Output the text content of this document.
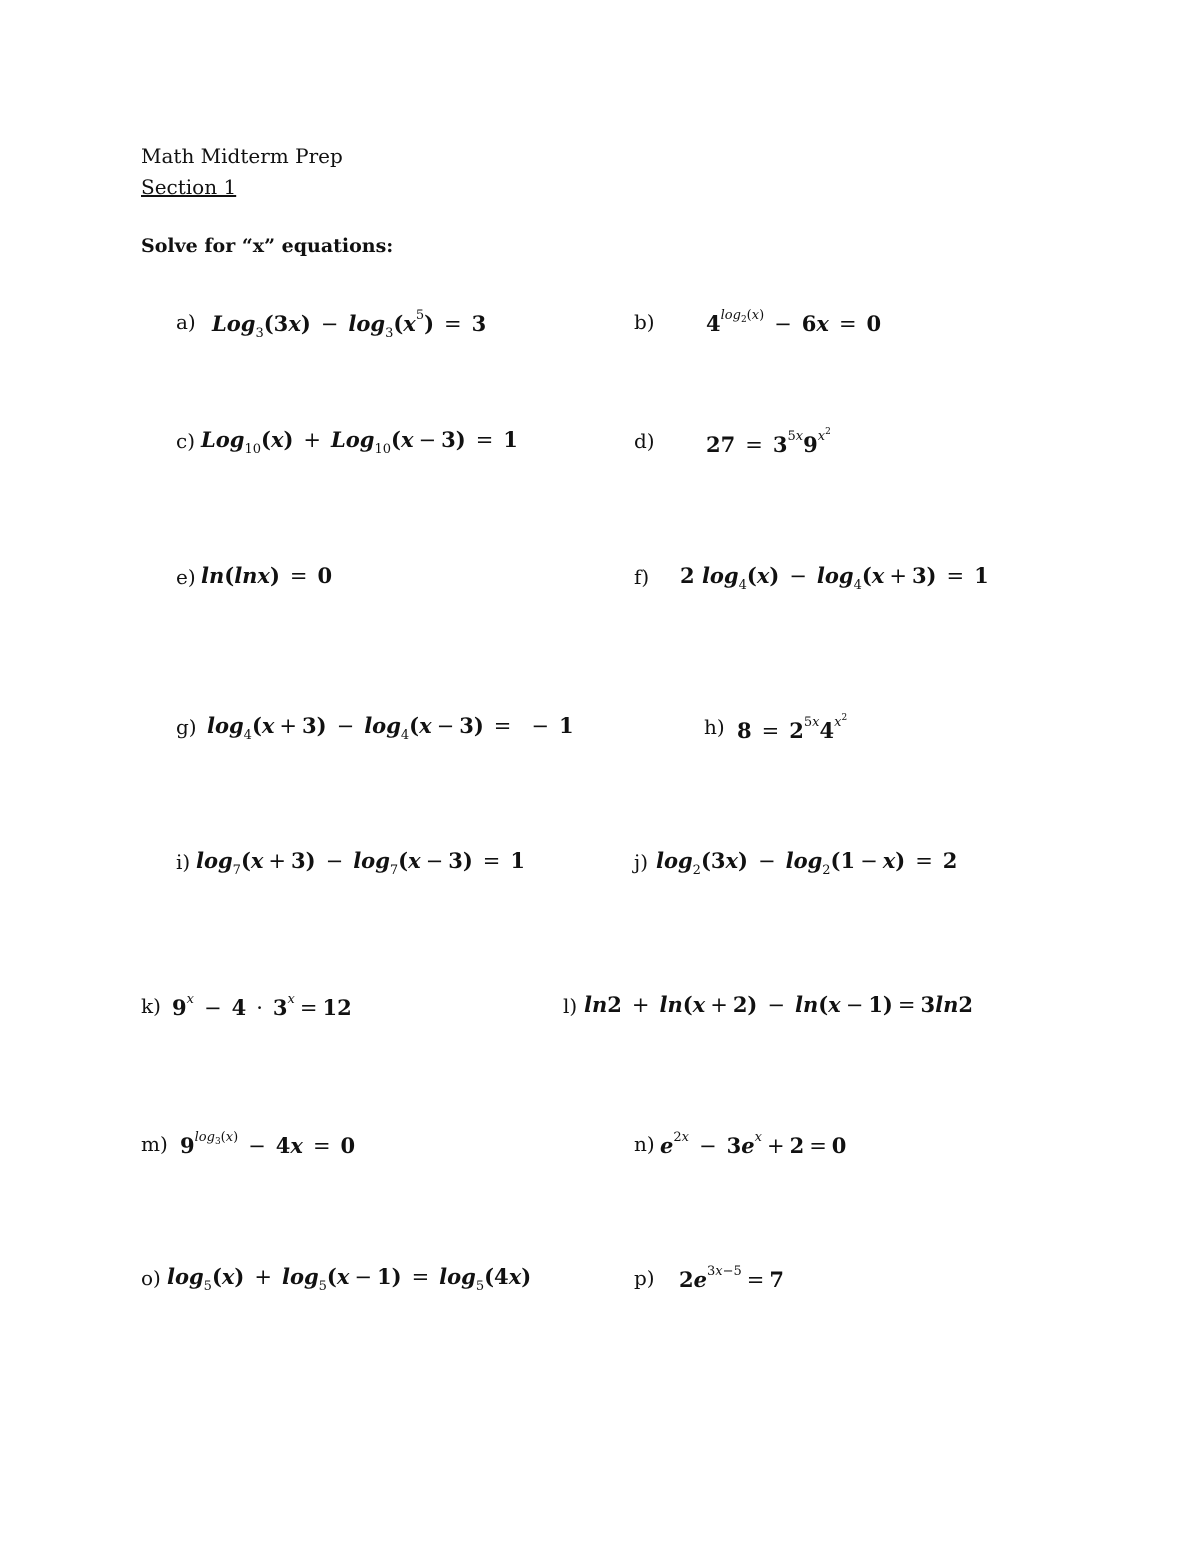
Math Midterm Prep
Section 1
Solve for “x” equations:
a) $Log_3(3x) - \log_3(x^5) = 3$	b) $4^{log_2(x)} - 6x = 0$
c) Log$_{10}$(x) + Log$_{10}$(x − 3) = 1	d) $27 = 3^{5x}9^{x^2}$
e) ln(lnx) = 0	f) 2 $\log_4(x) - \log_4(x + 3) = 1$
g) $\log_4(x + 3) - \log_4(x - 3)$ = − 1	h) $8 = 2^{5x}4^{x^2}$
i) $\log_7(x + 3) - \log_7(x - 3) = 1$	j) $\log_2(3x) - \log_2(1 - x) = 2$
k) $9^x - 4 \cdot 3^x = 12$	l) ln2 + ln(x + 2) − ln(x − 1) = 3ln2
m) $9^{log_3(x)} - 4x = 0$	n) $e^{2x} - 3e^x + 2 = 0$
o) $\log_5(x) + \log_5(x - 1) = \log_5(4x)$	p) $2e^{3x-5} = 7$
